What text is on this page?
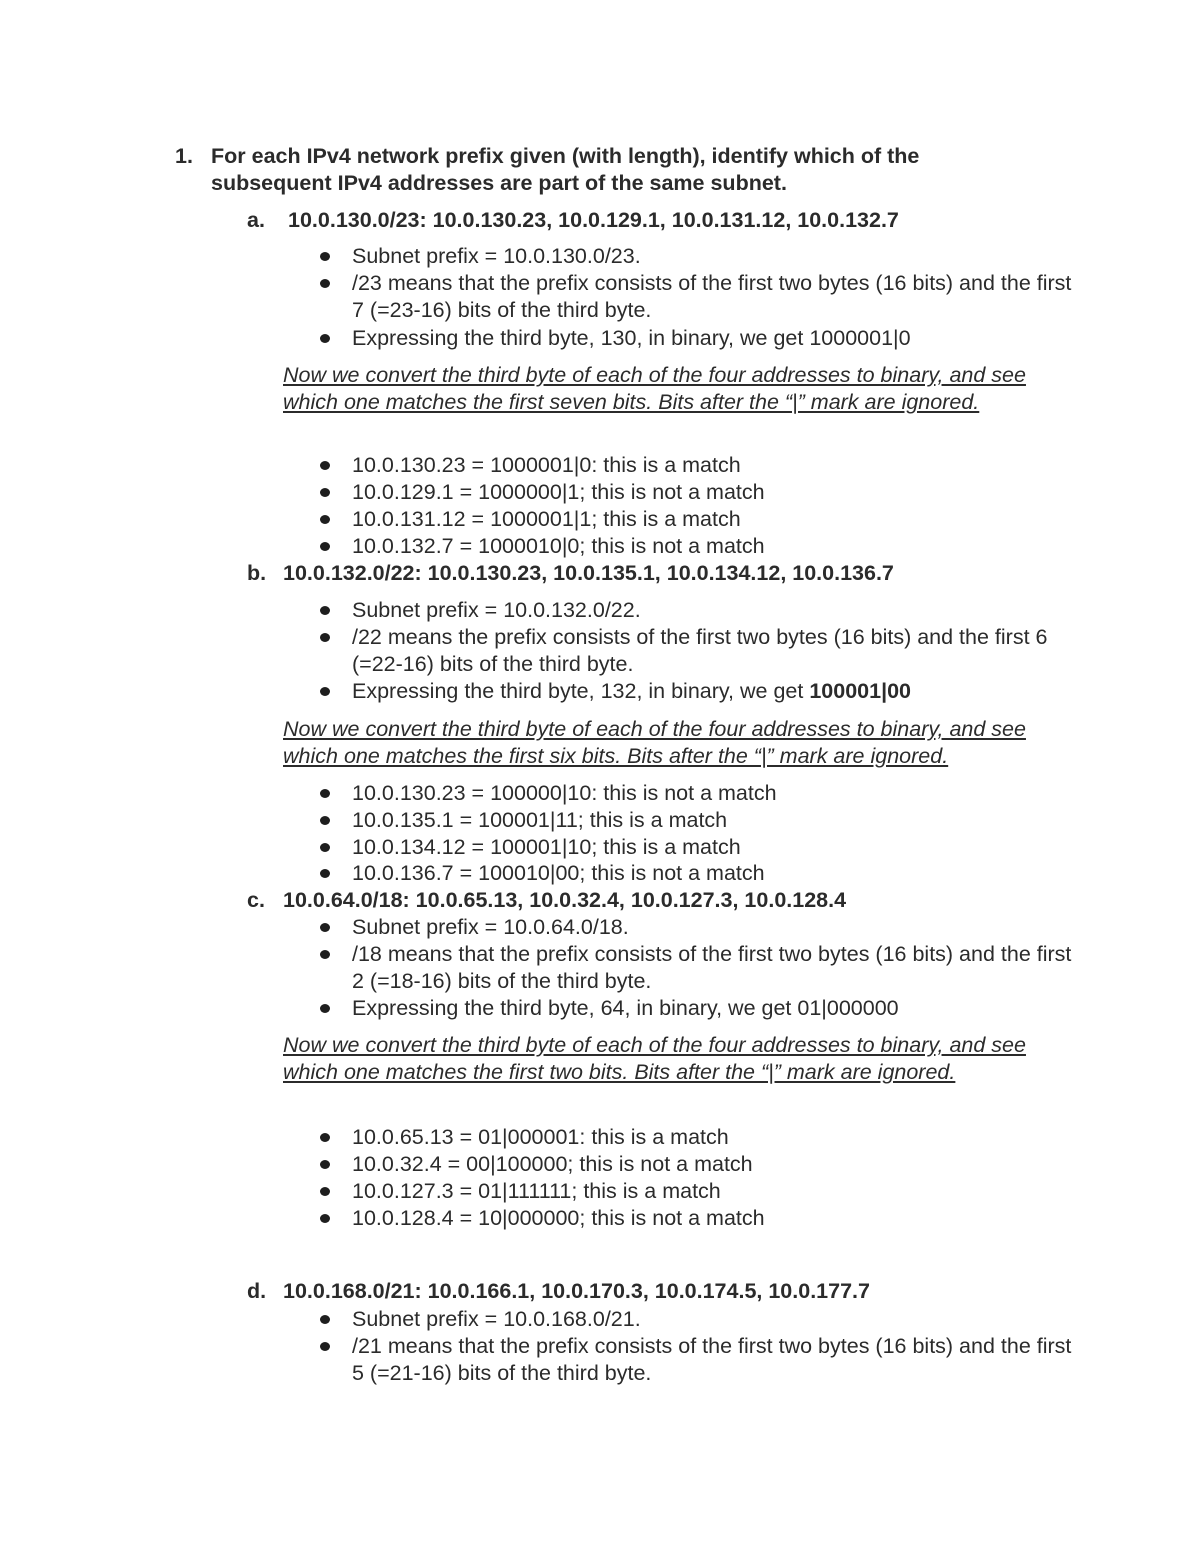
1. For each IPv4 network prefix given (with length), identify which of the subsequent IPv4 addresses are part of the same subnet.
a. 10.0.130.0/23: 10.0.130.23, 10.0.129.1, 10.0.131.12, 10.0.132.7
Subnet prefix = 10.0.130.0/23.
/23 means that the prefix consists of the first two bytes (16 bits) and the first 7 (=23-16) bits of the third byte.
Expressing the third byte, 130, in binary, we get 1000001|0
Now we convert the third byte of each of the four addresses to binary, and see which one matches the first seven bits. Bits after the “|” mark are ignored.
10.0.130.23 = 1000001|0: this is a match
10.0.129.1 = 1000000|1; this is not a match
10.0.131.12 = 1000001|1; this is a match
10.0.132.7 = 1000010|0; this is not a match
b. 10.0.132.0/22: 10.0.130.23, 10.0.135.1, 10.0.134.12, 10.0.136.7
Subnet prefix = 10.0.132.0/22.
/22 means the prefix consists of the first two bytes (16 bits) and the first 6 (=22-16) bits of the third byte.
Expressing the third byte, 132, in binary, we get 100001|00
Now we convert the third byte of each of the four addresses to binary, and see which one matches the first six bits. Bits after the “|” mark are ignored.
10.0.130.23 = 100000|10: this is not a match
10.0.135.1 = 100001|11; this is a match
10.0.134.12 = 100001|10; this is a match
10.0.136.7 = 100010|00; this is not a match
c. 10.0.64.0/18: 10.0.65.13, 10.0.32.4, 10.0.127.3, 10.0.128.4
Subnet prefix = 10.0.64.0/18.
/18 means that the prefix consists of the first two bytes (16 bits) and the first 2 (=18-16) bits of the third byte.
Expressing the third byte, 64, in binary, we get 01|000000
Now we convert the third byte of each of the four addresses to binary, and see which one matches the first two bits. Bits after the “|” mark are ignored.
10.0.65.13 = 01|000001: this is a match
10.0.32.4 = 00|100000; this is not a match
10.0.127.3 = 01|111111; this is a match
10.0.128.4 = 10|000000; this is not a match
d. 10.0.168.0/21: 10.0.166.1, 10.0.170.3, 10.0.174.5, 10.0.177.7
Subnet prefix = 10.0.168.0/21.
/21 means that the prefix consists of the first two bytes (16 bits) and the first 5 (=21-16) bits of the third byte.
